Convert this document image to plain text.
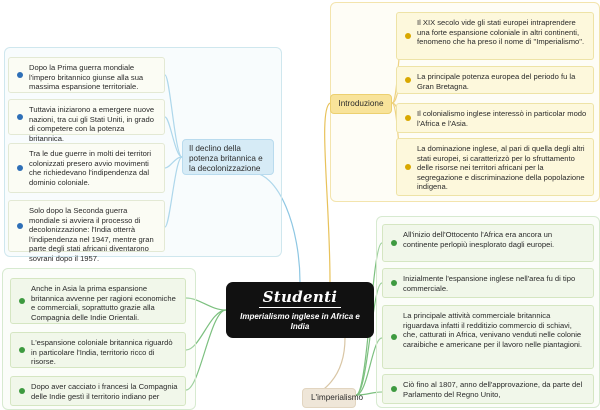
Il declino della potenza britannica e la decolonizzazione
Dopo la Prima guerra mondiale l'impero britannico giunse alla sua massima espansione territoriale.
Tuttavia iniziarono a emergere nuove nazioni, tra cui gli Stati Uniti, in grado di competere con la potenza britannica.
Tra le due guerre in molti dei territori colonizzati presero avvio movimenti che richiedevano l'indipendenza dal dominio coloniale.
Solo dopo la Seconda guerra mondiale si avviera il processo di decolonizzazione: l'India otterrà l'indipendenza nel 1947, mentre gran parte degli stati africani diventarono sovrani dopo il 1957.
Introduzione
Il XIX secolo vide gli stati europei intraprendere una forte espansione coloniale in altri continenti, fenomeno che ha preso il nome di "Imperialismo".
La principale potenza europea del periodo fu la Gran Bretagna.
Il colonialismo inglese interessò in particolar modo l'Africa e l'Asia.
La dominazione inglese, al pari di quella degli altri stati europei, si caratterizzò per lo sfruttamento delle risorse nei territori africani per la segregazione e discriminazione della popolazione indigena.
L'imperialismo
All'inizio dell'Ottocento l'Africa era ancora un continente perlopiù inesplorato dagli europei.
Inizialmente l'espansione inglese nell'area fu di tipo commerciale.
La principale attività commerciale britannica riguardava infatti il redditizio commercio di schiavi, che, catturati in Africa, venivano venduti nelle colonie caraibiche e americane per il lavoro nelle piantagioni.
Ciò fino al 1807, anno dell'approvazione, da parte del Parlamento del Regno Unito,
Anche in Asia la prima espansione britannica avvenne per ragioni economiche e commerciali, soprattutto grazie alla Compagnia delle Indie Orientali.
L'espansione coloniale britannica riguardò in particolare l'India, territorio ricco di risorse.
Dopo aver cacciato i francesi la Compagnia delle Indie gestì il territorio indiano per
Studenti
Imperialismo inglese in Africa e India
